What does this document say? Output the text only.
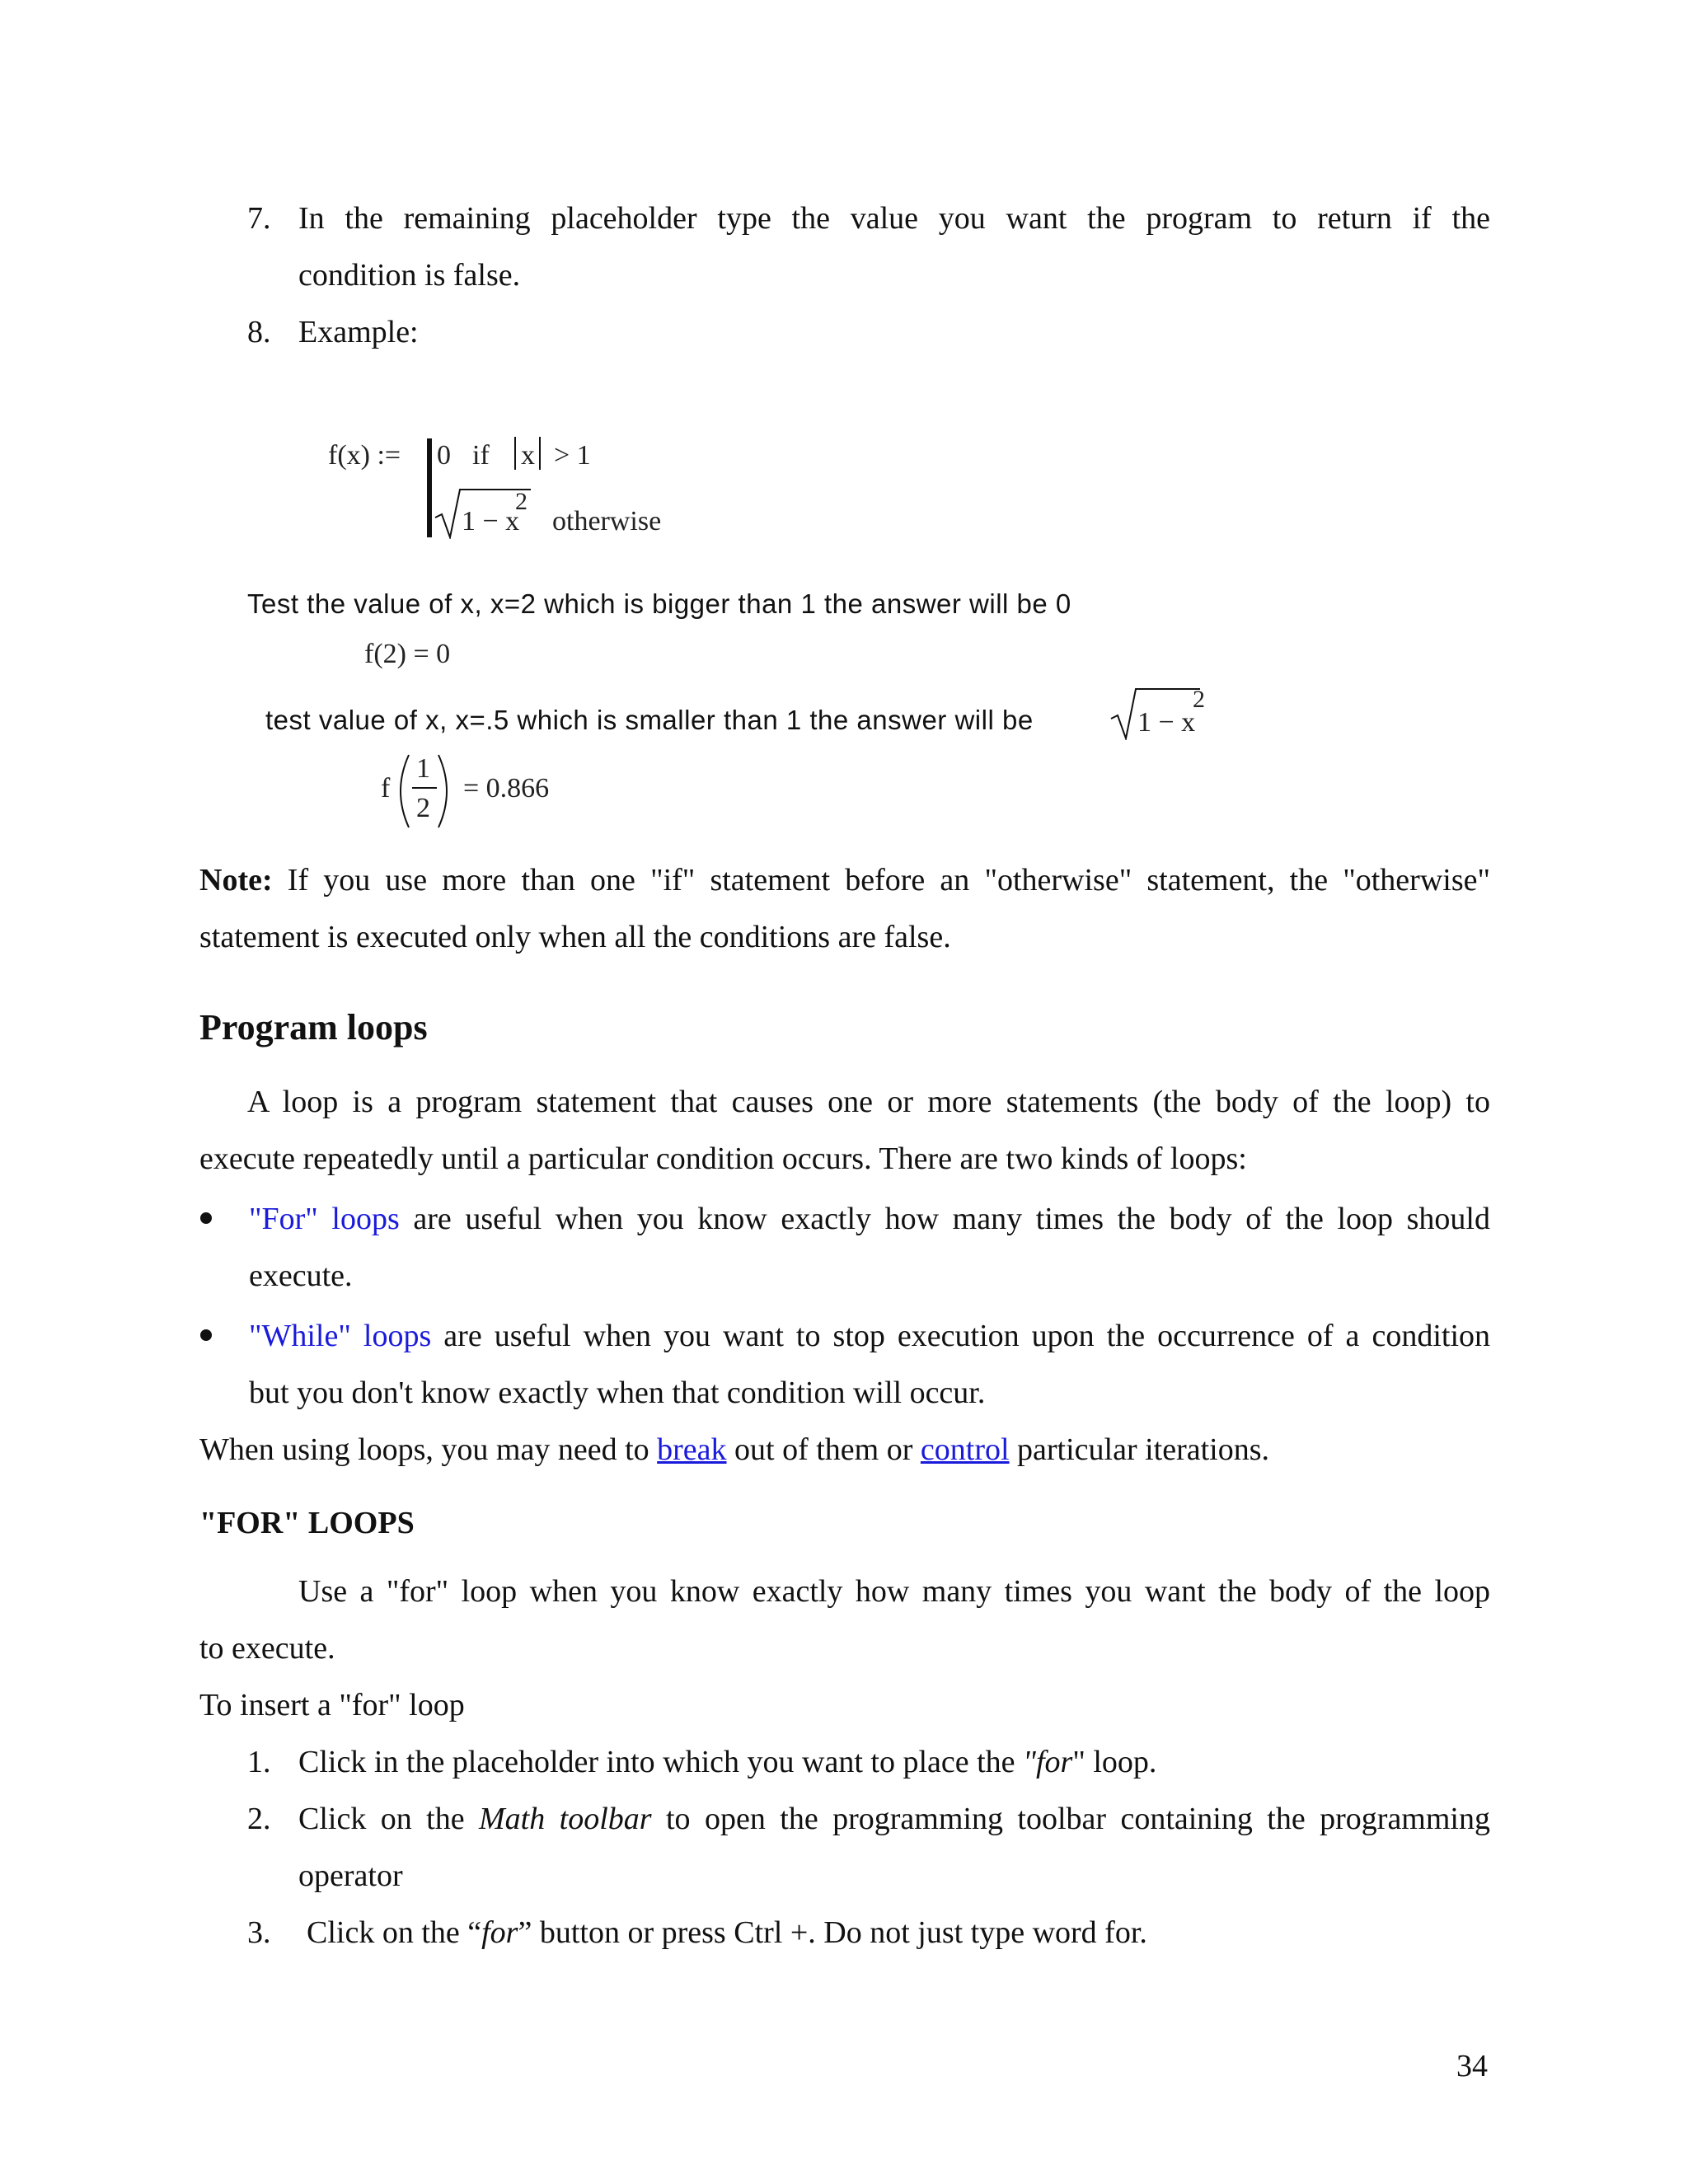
7. In the remaining placeholder type the value you want the program to return if the
condition is false.
8. Example:
f(x) := 0 if x > 1
1 − x
2
otherwise
Test the value of x, x=2 which is bigger than 1 the answer will be 0
f(2) = 0
test value of x, x=.5 which is smaller than 1 the answer will be	1 − x
2
f
1
2
= 0.866
Note: If you use more than one "if" statement before an "otherwise" statement, the "otherwise"
statement is executed only when all the conditions are false.
Program loops
A loop is a program statement that causes one or more statements (the body of the loop) to
execute repeatedly until a particular condition occurs. There are two kinds of loops:
"For" loops are useful when you know exactly how many times the body of the loop should
execute.
"While" loops are useful when you want to stop execution upon the occurrence of a condition
but you don't know exactly when that condition will occur.
When using loops, you may need to break out of them or control particular iterations.
"FOR" LOOPS
Use a "for" loop when you know exactly how many times you want the body of the loop
to execute.
To insert a "for" loop
1. Click in the placeholder into which you want to place the "for" loop.
2. Click on the Math toolbar to open the programming toolbar containing the programming
operator
3. Click on the “for” button or press Ctrl +. Do not just type word for.
34
